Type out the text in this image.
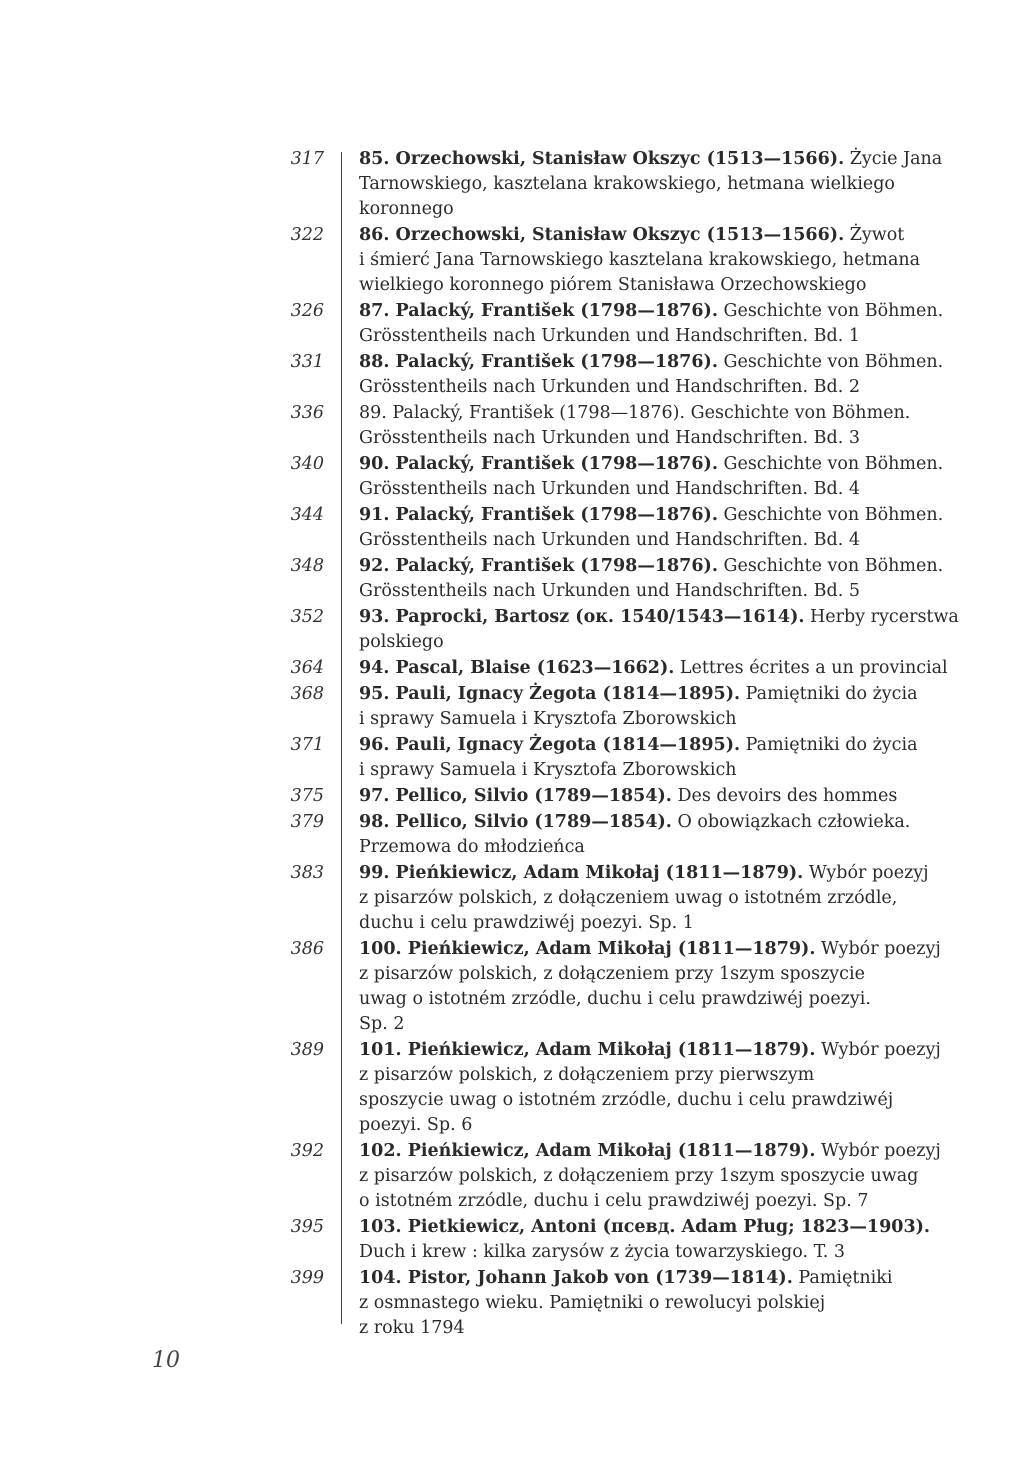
317 85. Orzechowski, Stanisław Okszyc (1513—1566). Życie Jana
Tarnowskiego, kasztelana krakowskiego, hetmana wielkiego
koronnego
322 86. Orzechowski, Stanisław Okszyc (1513—1566). Żywot
i śmierć Jana Tarnowskiego kasztelana krakowskiego, hetmana
wielkiego koronnego piórem Stanisława Orzechowskiego
326 87. Palacký, František (1798—1876). Geschichte von Böhmen.
Grösstentheils nach Urkunden und Handschriften. Bd. 1
331 88. Palacký, František (1798—1876). Geschichte von Böhmen.
Grösstentheils nach Urkunden und Handschriften. Bd. 2
336 89. Palacký, František (1798—1876). Geschichte von Böhmen.
Grösstentheils nach Urkunden und Handschriften. Bd. 3
340 90. Palacký, František (1798—1876). Geschichte von Böhmen.
Grösstentheils nach Urkunden und Handschriften. Bd. 4
344 91. Palacký, František (1798—1876). Geschichte von Böhmen.
Grösstentheils nach Urkunden und Handschriften. Bd. 4
348 92. Palacký, František (1798—1876). Geschichte von Böhmen.
Grösstentheils nach Urkunden und Handschriften. Bd. 5
352 93. Paprocki, Bartosz (ок. 1540/1543—1614). Herby rycerstwa
polskiego
364 94. Pascal, Blaise (1623—1662). Lettres écrites a un provincial
368 95. Pauli, Ignacy Żegota (1814—1895). Pamiętniki do życia
i sprawy Samuela i Krysztofa Zborowskich
371 96. Pauli, Ignacy Żegota (1814—1895). Pamiętniki do życia
i sprawy Samuela i Krysztofa Zborowskich
375 97. Pellico, Silvio (1789—1854). Des devoirs des hommes
379 98. Pellico, Silvio (1789—1854). O obowiązkach człowieka.
Przemowa do młodzieńca
383 99. Pieńkiewicz, Adam Mikołaj (1811—1879). Wybór poezyj
z pisarzów polskich, z dołączeniem uwag o istotném zrzódle,
duchu i celu prawdziwéj poezyi. Sp. 1
386 100. Pieńkiewicz, Adam Mikołaj (1811—1879). Wybór poezyj
z pisarzów polskich, z dołączeniem przy 1szym sposzycie
uwag o istotném zrzódle, duchu i celu prawdziwéj poezyi.
Sp. 2
389 101. Pieńkiewicz, Adam Mikołaj (1811—1879). Wybór poezyj
z pisarzów polskich, z dołączeniem przy pierwszym
sposzycie uwag o istotném zrzódle, duchu i celu prawdziwéj
poezyi. Sp. 6
392 102. Pieńkiewicz, Adam Mikołaj (1811—1879). Wybór poezyj
z pisarzów polskich, z dołączeniem przy 1szym sposzycie uwag
o istotném zrzódle, duchu i celu prawdziwéj poezyi. Sp. 7
395 103. Pietkiewicz, Antoni (псевд. Adam Pług; 1823—1903).
Duch i krew : kilka zarysów z życia towarzyskiego. T. 3
399 104. Pistor, Johann Jakob von (1739—1814). Pamiętniki
z osmnastego wieku. Pamiętniki o rewolucyi polskiej
z roku 1794
10
